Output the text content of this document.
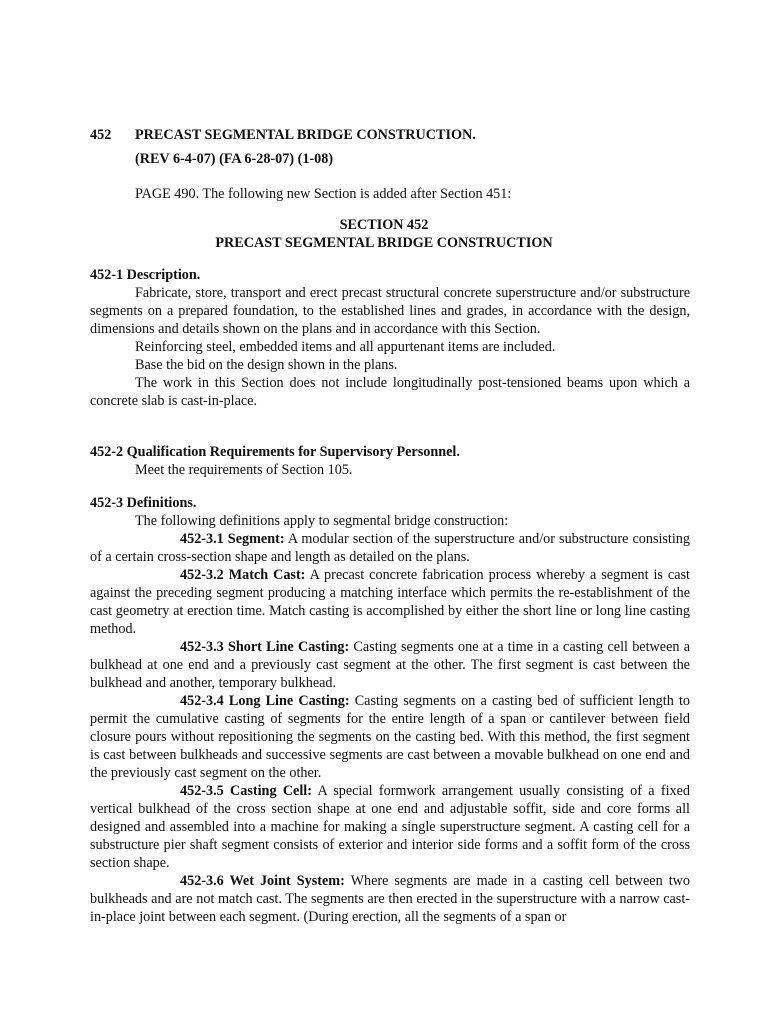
452 PRECAST SEGMENTAL BRIDGE CONSTRUCTION.
(REV 6-4-07) (FA 6-28-07) (1-08)

PAGE 490. The following new Section is added after Section 451:

SECTION 452

PRECAST SEGMENTAL BRIDGE CONSTRUCTION

452-1 Description.

Fabricate, store, transport and erect precast structural concrete superstructure and/or substructure segments on a prepared foundation, to the established lines and grades, in accordance with the design, dimensions and details shown on the plans and in accordance with this Section.

Reinforcing steel, embedded items and all appurtenant items are included.

Base the bid on the design shown in the plans.

The work in this Section does not include longitudinally post-tensioned beams upon which a concrete slab is cast-in-place.

452-2 Qualification Requirements for Supervisory Personnel.

Meet the requirements of Section 105.

452-3 Definitions.

The following definitions apply to segmental bridge construction:

452-3.1 Segment: A modular section of the superstructure and/or substructure consisting of a certain cross-section shape and length as detailed on the plans.

452-3.2 Match Cast: A precast concrete fabrication process whereby a segment is cast against the preceding segment producing a matching interface which permits the re-establishment of the cast geometry at erection time. Match casting is accomplished by either the short line or long line casting method.

452-3.3 Short Line Casting: Casting segments one at a time in a casting cell between a bulkhead at one end and a previously cast segment at the other. The first segment is cast between the bulkhead and another, temporary bulkhead.

452-3.4 Long Line Casting: Casting segments on a casting bed of sufficient length to permit the cumulative casting of segments for the entire length of a span or cantilever between field closure pours without repositioning the segments on the casting bed. With this method, the first segment is cast between bulkheads and successive segments are cast between a movable bulkhead on one end and the previously cast segment on the other.

452-3.5 Casting Cell: A special formwork arrangement usually consisting of a fixed vertical bulkhead of the cross section shape at one end and adjustable soffit, side and core forms all designed and assembled into a machine for making a single superstructure segment. A casting cell for a substructure pier shaft segment consists of exterior and interior side forms and a soffit form of the cross section shape.

452-3.6 Wet Joint System: Where segments are made in a casting cell between two bulkheads and are not match cast. The segments are then erected in the superstructure with a narrow cast-in-place joint between each segment. (During erection, all the segments of a span or
